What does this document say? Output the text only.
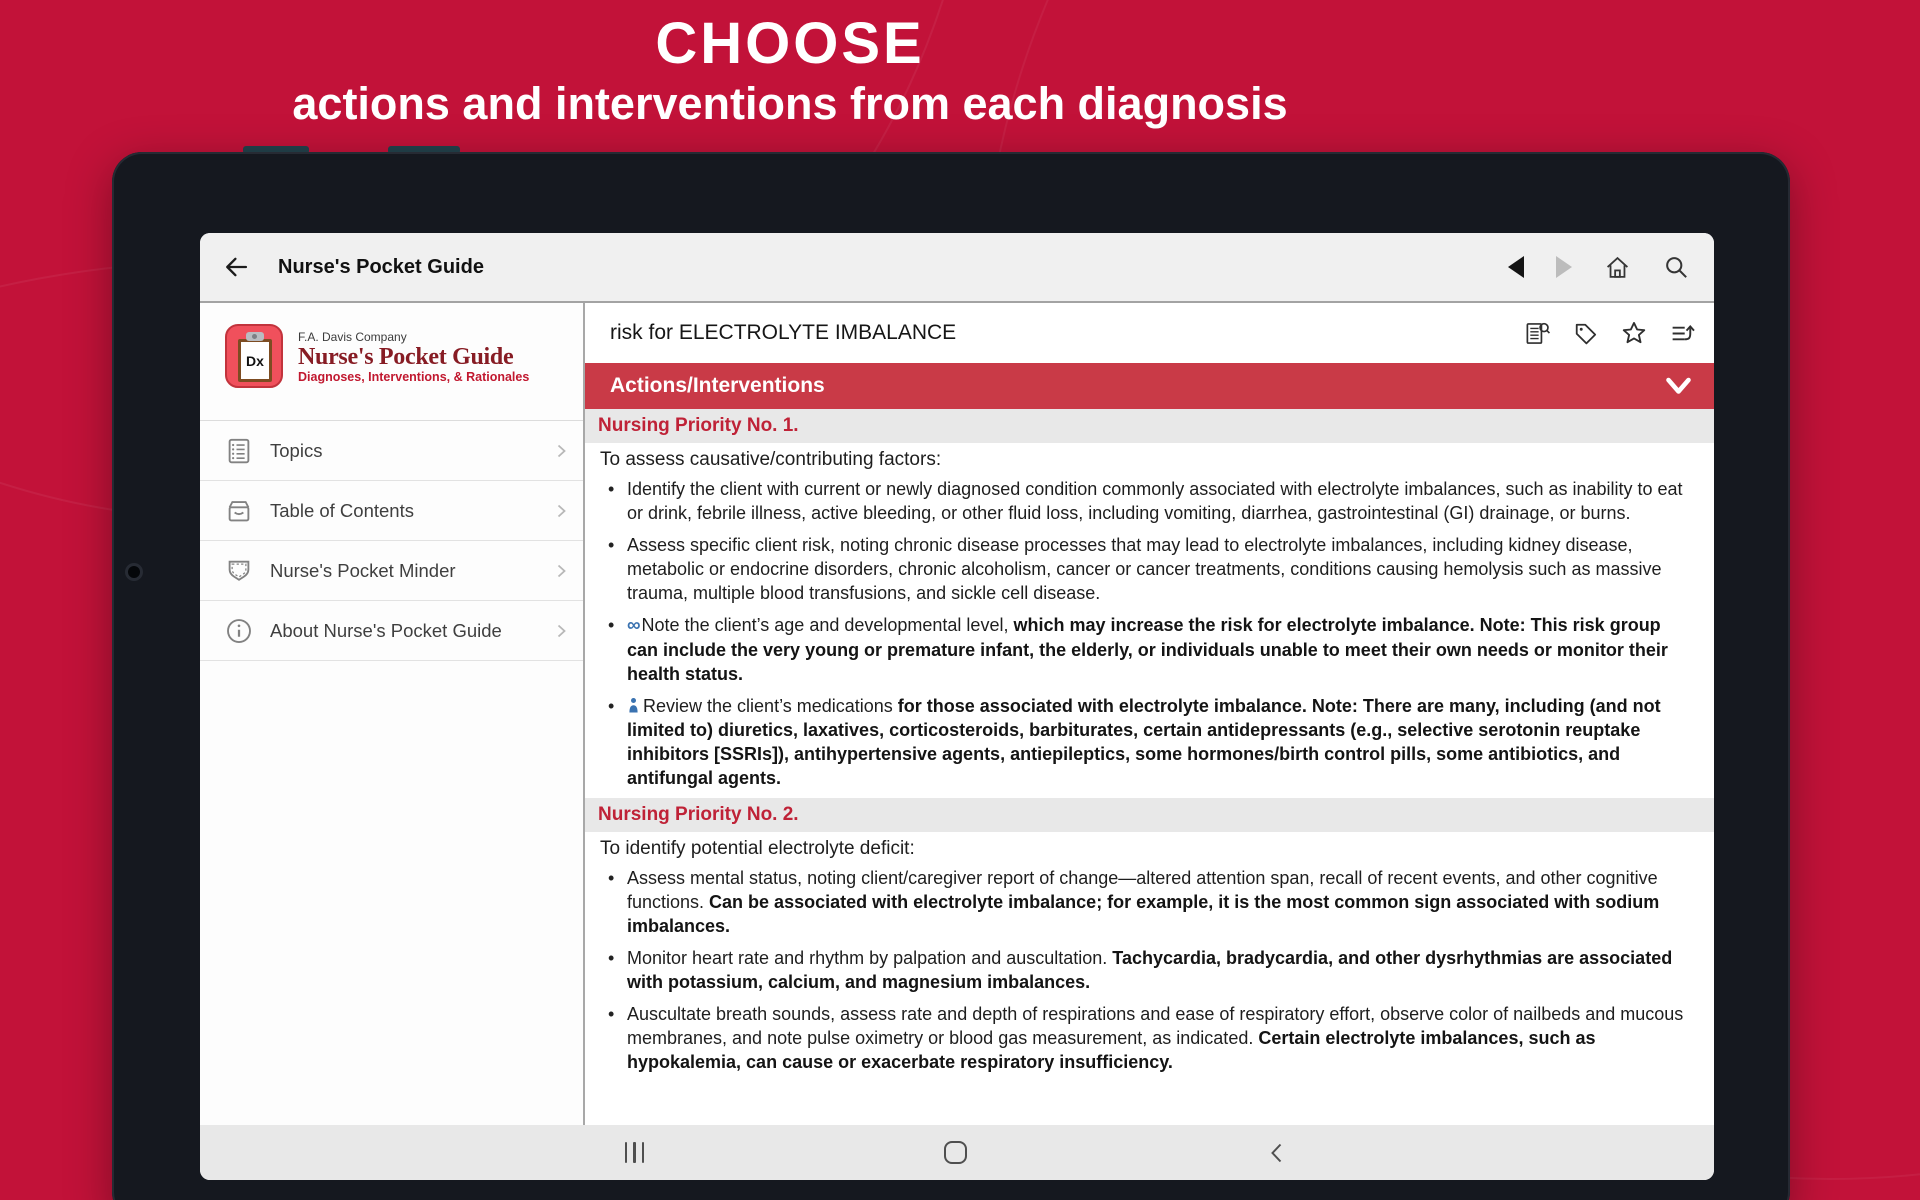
CHOOSE
actions and interventions from each diagnosis
Nurse's Pocket Guide
Dx
F.A. Davis Company
Nurse's Pocket Guide
Diagnoses, Interventions, & Rationales
Topics
Table of Contents
Nurse's Pocket Minder
About Nurse's Pocket Guide
risk for ELECTROLYTE IMBALANCE
Actions/Interventions
Nursing Priority No. 1.
To assess causative/contributing factors:
• Identify the client with current or newly diagnosed condition commonly associated with electrolyte imbalances, such as inability to eat or drink, febrile illness, active bleeding, or other fluid loss, including vomiting, diarrhea, gastrointestinal (GI) drainage, or burns.
• Assess specific client risk, noting chronic disease processes that may lead to electrolyte imbalances, including kidney disease, metabolic or endocrine disorders, chronic alcoholism, cancer or cancer treatments, conditions causing hemolysis such as massive trauma, multiple blood transfusions, and sickle cell disease.
• ∞Note the client’s age and developmental level, which may increase the risk for electrolyte imbalance. Note: This risk group can include the very young or premature infant, the elderly, or individuals unable to meet their own needs or monitor their health status.
•	Review the client’s medications for those associated with electrolyte imbalance. Note: There are many, including (and not limited to) diuretics, laxatives, corticosteroids, barbiturates, certain antidepressants (e.g., selective serotonin reuptake inhibitors [SSRIs]), antihypertensive agents, antiepileptics, some hormones/birth control pills, some antibiotics, and antifungal agents.
Nursing Priority No. 2.
To identify potential electrolyte deficit:
• Assess mental status, noting client/caregiver report of change—altered attention span, recall of recent events, and other cognitive functions. Can be associated with electrolyte imbalance; for example, it is the most common sign associated with sodium imbalances.
• Monitor heart rate and rhythm by palpation and auscultation. Tachycardia, bradycardia, and other dysrhythmias are associated with potassium, calcium, and magnesium imbalances.
• Auscultate breath sounds, assess rate and depth of respirations and ease of respiratory effort, observe color of nailbeds and mucous membranes, and note pulse oximetry or blood gas measurement, as indicated. Certain electrolyte imbalances, such as hypokalemia, can cause or exacerbate respiratory insufficiency.
